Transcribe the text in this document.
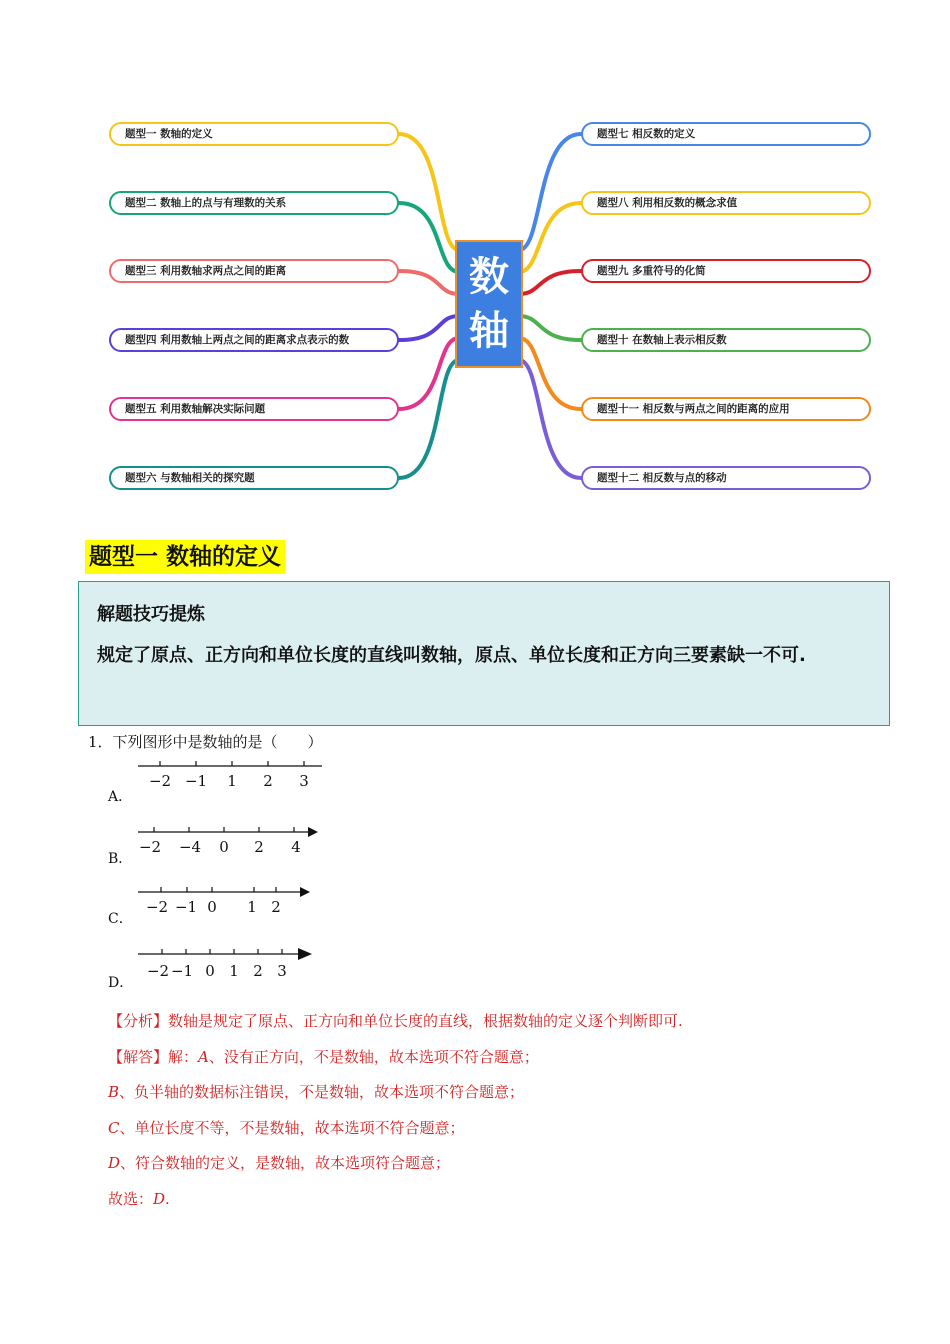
题型一 数轴的定义
题型二 数轴上的点与有理数的关系
题型三 利用数轴求两点之间的距离
题型四 利用数轴上两点之间的距离求点表示的数
题型五 利用数轴解决实际问题
题型六 与数轴相关的探究题
题型七 相反数的定义
题型八 利用相反数的概念求值
题型九 多重符号的化简
题型十 在数轴上表示相反数
题型十一 相反数与两点之间的距离的应用
题型十二 相反数与点的移动
数
轴
题型一 数轴的定义
解题技巧提炼
规定了原点、正方向和单位长度的直线叫数轴，原点、单位长度和正方向三要素缺一不可.
1．下列图形中是数轴的是（　　）
A．
−2 −1 1 2 3
B．
−2 −4 0 2 4
C．
−2 −1 0 1 2
D．
−2 −1 0 1 2 3
【分析】数轴是规定了原点、正方向和单位长度的直线，根据数轴的定义逐个判断即可.
【解答】解：A、没有正方向，不是数轴，故本选项不符合题意；
B、负半轴的数据标注错误，不是数轴，故本选项不符合题意；
C、单位长度不等，不是数轴，故本选项不符合题意；
D、符合数轴的定义，是数轴，故本选项符合题意；
故选：D.
